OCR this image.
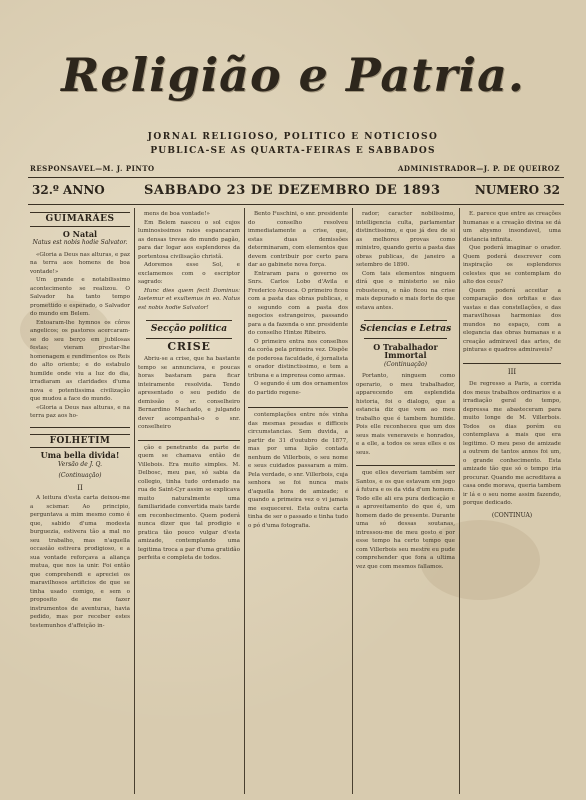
Religião e Patria.
JORNAL RELIGIOSO, POLITICO E NOTICIOSO
PUBLICA-SE AS QUARTA-FEIRAS E SABBADOS
RESPONSAVEL—M. J. PINTO	ADMINISTRADOR—J. P. DE QUEIROZ
32.º ANNO	SABBADO 23 DE DEZEMBRO DE 1893	NUMERO 32
GUIMARÃES
O Natal
Natus est nobis hodie Salvator.

«Gloria a Deus nas alturas, e paz na terra aos homens de boa vontade!»

Um grande e notabilissimo acontecimento se realizou. O Salvador ha tanto tempo promettido e esperado, o Salvador do mundo em Belem.

Entoaram-lhe hymnos os côros angelicos; os pastores acercaram-se do seu berço em jubilosas festas; vieram prestar-lhe homenagem e rendimentos os Reis do alto oriente; e do estabulo humilde onde viu a luz do dia, irradiaram as claridades d'uma nova e potentissima civilização que mudou a face do mundo.

«Gloria a Deus nas alturas, e na terra paz aos ho-

FOLHETIM
Uma bella divida!
Versão de J. Q.
(Continuação)
II

A leitura d'esta carta deixou-me a scismar. Ao principio, perguntava a mim mesmo como é que, sabido d'uma modesta burguezia, estivera tão a mal no seu trabalho, mas n'aquella occasião estivera prodigioso, e a sua vontade reforçava a aliança mutua, que nos ia unir. Foi então que comprehendi e apreciei os maravilhosos artificios de que se tinha usado comigo, e sem o proposito de me fazer instrumentos de aventuras, havia pedido, mas por receber estes testemunhos d'affeição in-

mens de boa vontade!»

Em Belem nasceu o sol cujos luminosissimos raios espancaram as densas trevas do mundo pagão, para dar logar aos esplendores da portentosa civilisação christã.

Adoremos esse Sol, e exclamemos com o escriptor sagrado:

Hunc dies quem fecit Dominus: Iaetemur et exultemus in eo. Natus est nobis hodie Salvator!

Secção politica
CRISE

Abriu-se a crise, que ha bastante tempo se annunciava, e poucas horas bastaram para ficar inteiramente resolvida. Tendo apresentado o seu pedido de demissão o sr. conselheiro Bernardino Machado, e julgando dever acompanhal-o o snr. conselheiro

ção e penetrante da parte de quem se chamava então de Villebois. Era muito simples. M. Delbosc, meu pae, só sabia da collegio, tinha tudo ordenado na rua de Saint-Cyr assim se explicava muito naturalmente uma familiaridade convertida mais tarde em reconhecimento. Quem poderá nunca dizer que tal prodigio e pratica tão pouco vulgar d'esta amizade, contemplando uma legitima troca a par d'uma gratidão perfeita e completa de todos.

Bento Fuschini, o snr. presidente do conselho resolveu immediatamente a crise, que, estas duas demissões determinaram, com elementos que devem contribuir por certo para dar ao gabinete nova força.

Entraram para o governo os Snrs. Carlos Lobo d'Avila e Frederico Arouca. O primeiro ficou com a pasta das obras publicas, e o segundo com a pasta dos negocios estrangeiros, passando para a da fazenda o snr. presidente do conselho Hintze Ribeiro.

O primeiro entra nos conselhos da corôa pela primeira vez. Dispõe de poderosa faculdade, é jornalista e orador distinctissimo, e tem a tribuna e a imprensa como armas.

O segundo é um dos ornamentos do partido regene-

contemplações entre nós vinha das mesmas pesadas e difficeis circumstancias. Sem duvida, a partir de 31 d'outubro de 1877, mas por uma lição contada nenhum de Villerbois, o seu nome e seus cuidados passaram a mim. Pela verdade, o snr. Villerbois, cuja senhora se foi nunca mais d'aquella hora de amizade; e quando a primeira vez o vi jamais me esquecerei. Esta outra carta tinha de ser o passado e tinha tudo o pó d'uma fotografia.

rador; caracter nobilissimo, intelligencia culta, parlamentar distinctissimo, e que já deu de si as melhores provas como ministro, quando geriu a pasta das obras publicas, de janeiro a setembro de 1890.

Com tais elementos ninguem dirá que o ministerio se não robusteceu, e não ficou na crise mais depurado e mais forte do que estava antes.

Sciencias e Letras
O Trabalhador Immortal
(Continuação)

Portanto, ninguem como operario, o meu trabalhador, apparecendo em esplendida historia, foi o dialogo, que a estancia diz que vem ao meu trabalho que é tambem humilde. Pois elle reconheceu que um dos seus mais veneraveis e honrados, e a elle, a todos os seus elles e os seus.

que elles deveriam também ser Santos, e os que estavam em jogo á futura e os da vida d'um homem. Todo elle ali era pura dedicação e a aproveitamento do que é, um homem dado de presente. Durante uma só dessas soutanas, intressou-me de meu gosto e por esse tempo ha certo tempo que com Villerbois seu mestre eu pude comprehender que fora a ultima vez que com mesmos fallamos.

E. parece que entre as creações humanas e a creação divina se dá um abysmo insondavel, uma distancia infinita.

Que poderá imaginar o orador. Quem poderá descrever com inspiração os esplendores celestes que se contemplam do alto dos ceus?

Quem poderá acceitar a comparação dos orbitas e das vastas e das constellações, e das maravilhosas harmonias dos mundos no espaço, com a elegancia das obras humanas e a creação admiravel das artes, de pinturas e quadros admiraveis?

III

De regresso a Paris, a corrida dos meus trabalhos ordinarios e a irradiação geral do tempo, depressa me abasteceram para muito longe de M. Villerbois. Todos os dias porém eu contemplava a mais que era legitimo. O meu peso de amizade a outrem de tantos annos foi um, o grande conhecimento. Esta amizade tão que só o tempo iria procurar. Quando me acreditava a casa onde morava, queria tambem ir lá e o seu nome assim fazendo, porque dedicado.

(CONTINUA)
